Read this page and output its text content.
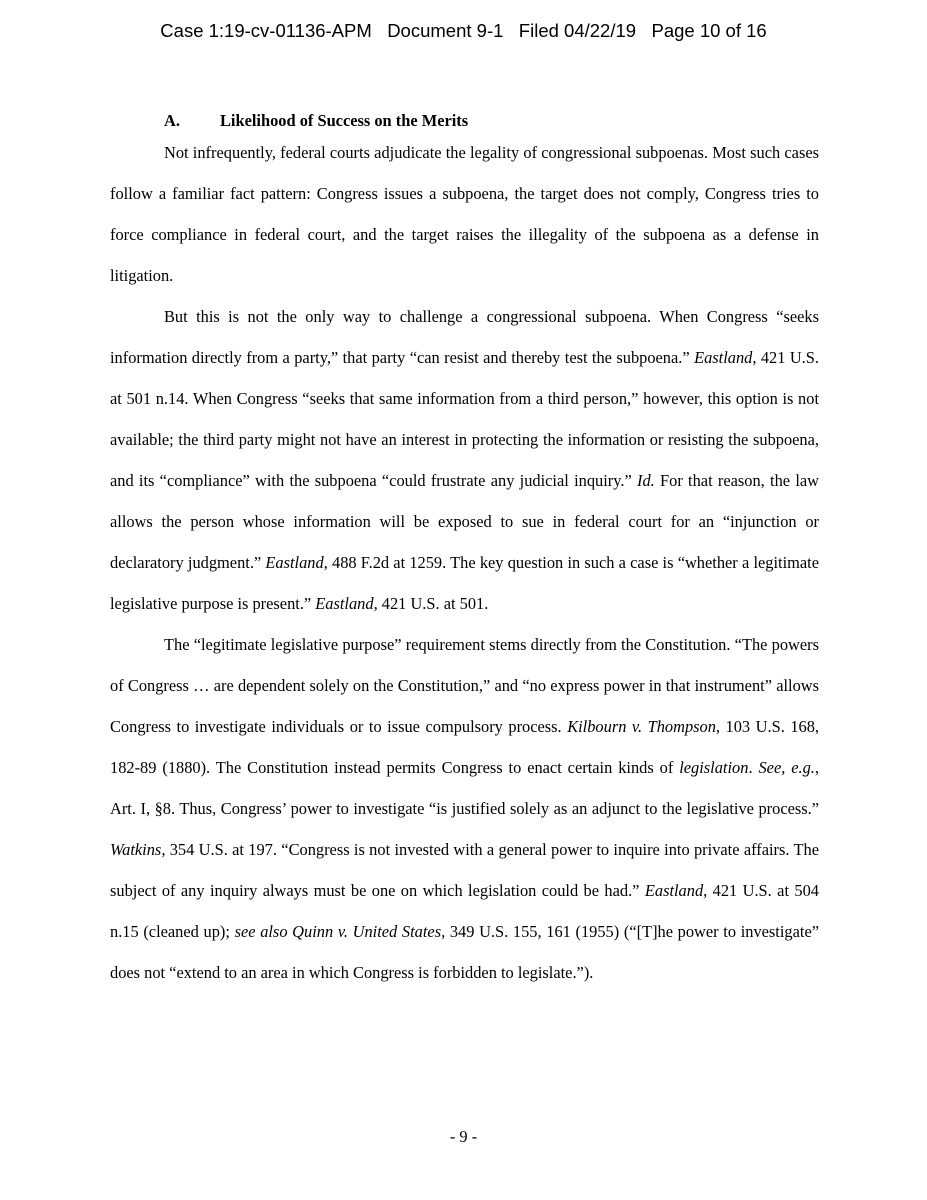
Case 1:19-cv-01136-APM   Document 9-1   Filed 04/22/19   Page 10 of 16
A. Likelihood of Success on the Merits

Not infrequently, federal courts adjudicate the legality of congressional subpoenas. Most such cases follow a familiar fact pattern: Congress issues a subpoena, the target does not comply, Congress tries to force compliance in federal court, and the target raises the illegality of the subpoena as a defense in litigation.

But this is not the only way to challenge a congressional subpoena. When Congress “seeks information directly from a party,” that party “can resist and thereby test the subpoena.” Eastland, 421 U.S. at 501 n.14. When Congress “seeks that same information from a third person,” however, this option is not available; the third party might not have an interest in protecting the information or resisting the subpoena, and its “compliance” with the subpoena “could frustrate any judicial inquiry.” Id. For that reason, the law allows the person whose information will be exposed to sue in federal court for an “injunction or declaratory judgment.” Eastland, 488 F.2d at 1259. The key question in such a case is “whether a legitimate legislative purpose is present.” Eastland, 421 U.S. at 501.

The “legitimate legislative purpose” requirement stems directly from the Constitution. “The powers of Congress … are dependent solely on the Constitution,” and “no express power in that instrument” allows Congress to investigate individuals or to issue compulsory process. Kilbourn v. Thompson, 103 U.S. 168, 182-89 (1880). The Constitution instead permits Congress to enact certain kinds of legislation. See, e.g., Art. I, §8. Thus, Congress’ power to investigate “is justified solely as an adjunct to the legislative process.” Watkins, 354 U.S. at 197. “Congress is not invested with a general power to inquire into private affairs. The subject of any inquiry always must be one on which legislation could be had.” Eastland, 421 U.S. at 504 n.15 (cleaned up); see also Quinn v. United States, 349 U.S. 155, 161 (1955) (“[T]he power to investigate” does not “extend to an area in which Congress is forbidden to legislate.”).

- 9 -
